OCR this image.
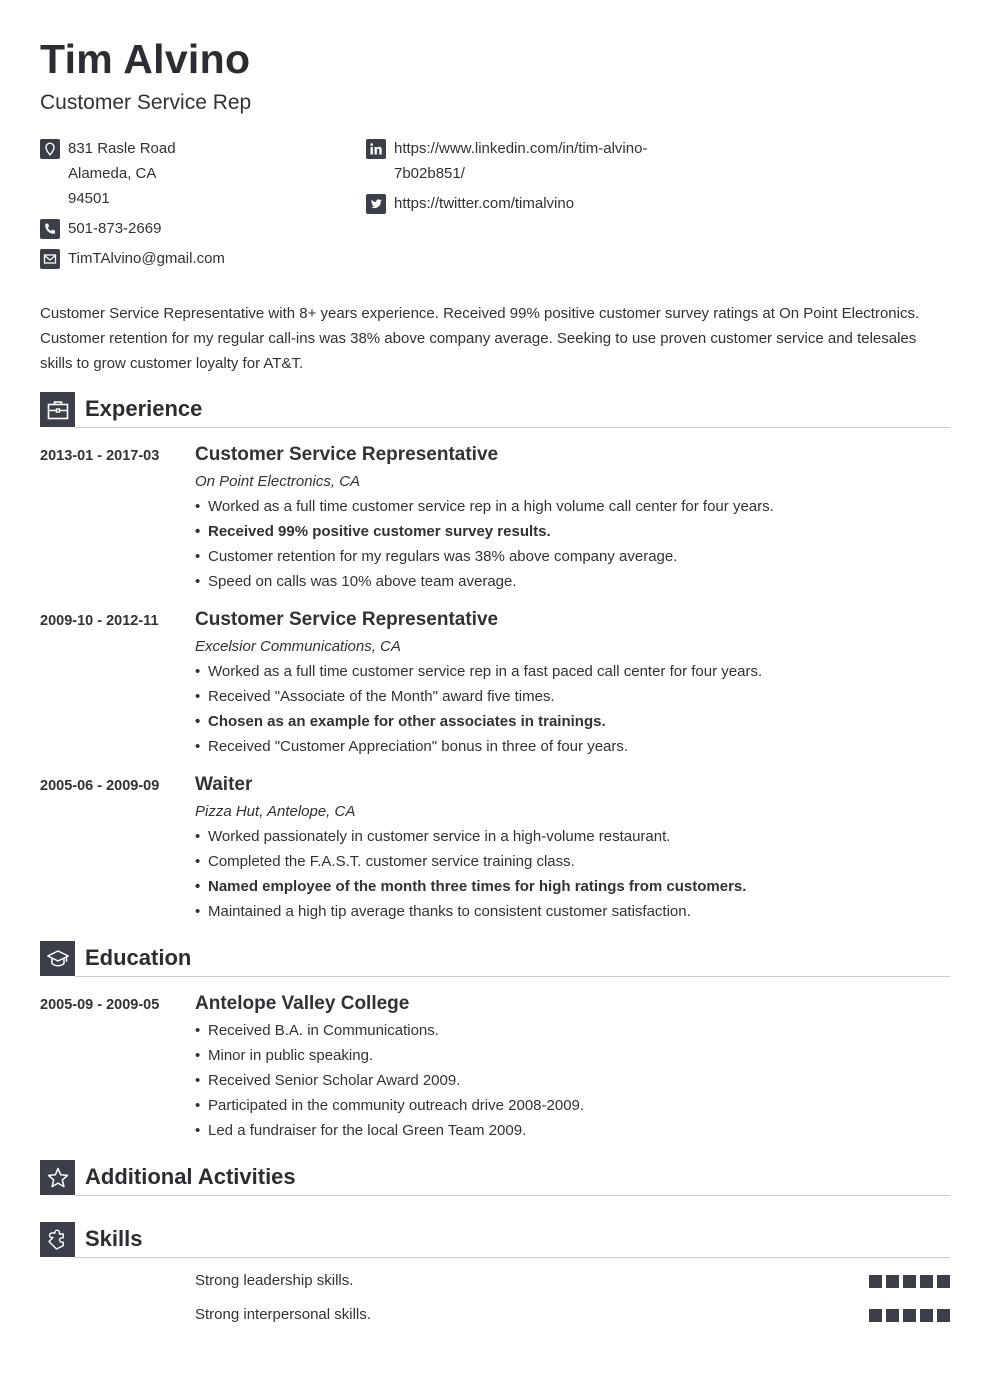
Tim Alvino
Customer Service Rep
831 Rasle Road
Alameda, CA
94501
501-873-2669
TimTAlvino@gmail.com
https://www.linkedin.com/in/tim-alvino-
7b02b851/
https://twitter.com/timalvino
Customer Service Representative with 8+ years experience. Received 99% positive customer survey ratings at On Point Electronics. Customer retention for my regular call-ins was 38% above company average. Seeking to use proven customer service and telesales skills to grow customer loyalty for AT&T.
Experience
2013-01 - 2017-03 Customer Service Representative
On Point Electronics, CA
• Worked as a full time customer service rep in a high volume call center for four years.
• Received 99% positive customer survey results.
• Customer retention for my regulars was 38% above company average.
• Speed on calls was 10% above team average.
2009-10 - 2012-11 Customer Service Representative
Excelsior Communications, CA
• Worked as a full time customer service rep in a fast paced call center for four years.
• Received "Associate of the Month" award five times.
• Chosen as an example for other associates in trainings.
• Received "Customer Appreciation" bonus in three of four years.
2005-06 - 2009-09 Waiter
Pizza Hut, Antelope, CA
• Worked passionately in customer service in a high-volume restaurant.
• Completed the F.A.S.T. customer service training class.
• Named employee of the month three times for high ratings from customers.
• Maintained a high tip average thanks to consistent customer satisfaction.
Education
2005-09 - 2009-05 Antelope Valley College
• Received B.A. in Communications.
• Minor in public speaking.
• Received Senior Scholar Award 2009.
• Participated in the community outreach drive 2008-2009.
• Led a fundraiser for the local Green Team 2009.
Additional Activities
Skills
Strong leadership skills.
Strong interpersonal skills.
